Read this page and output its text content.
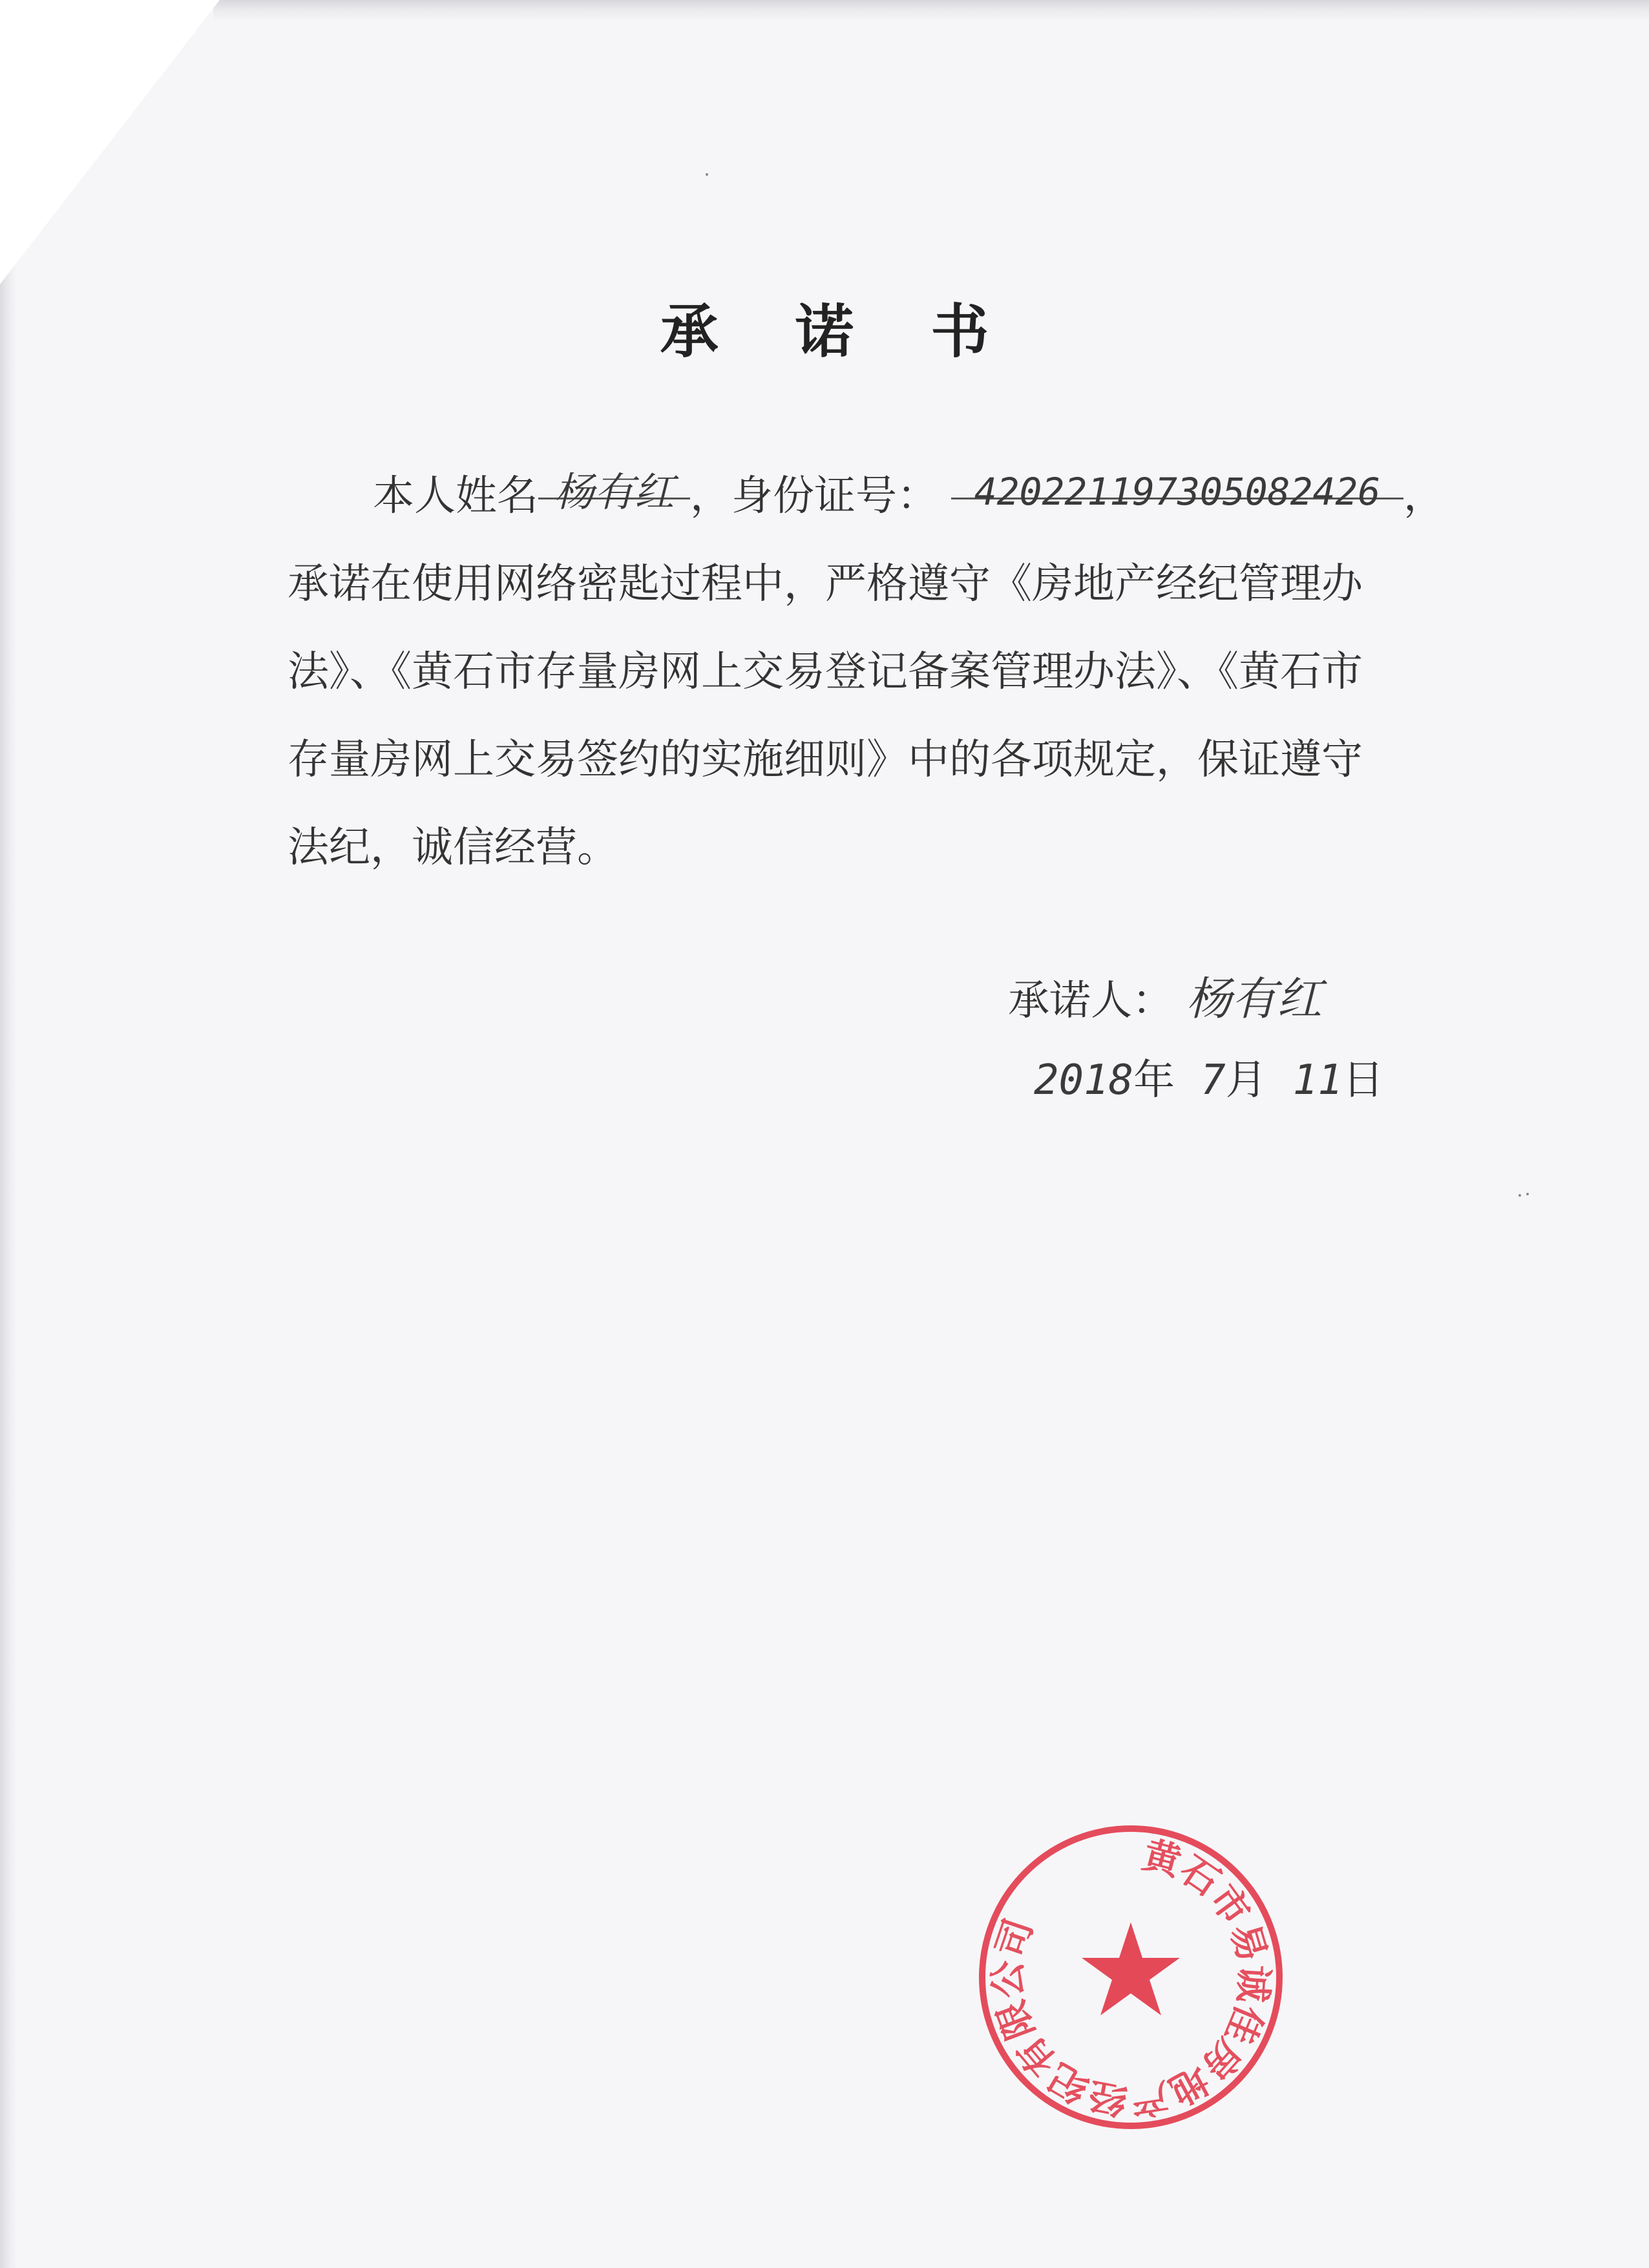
承 诺 书
本人姓名 杨有红 ，身份证号： 420221197305082426 ，
承诺在使用网络密匙过程中，严格遵守《房地产经纪管理办
法》、《黄石市存量房网上交易登记备案管理办法》、《黄石市
存量房网上交易签约的实施细则》中的各项规定，保证遵守
法纪，诚信经营。
承诺人： 杨有红
2018年 7月 11日
黄石市易诚佳房地产经纪有限公司
